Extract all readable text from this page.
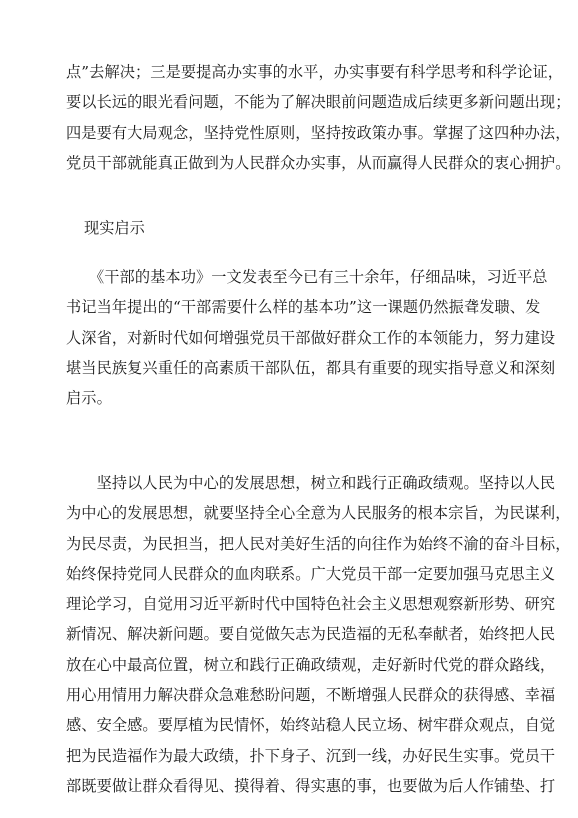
点”去解决；三是要提高办实事的水平，办实事要有科学思考和科学论证，
要以长远的眼光看问题，不能为了解决眼前问题造成后续更多新问题出现；
四是要有大局观念，坚持党性原则，坚持按政策办事。掌握了这四种办法，
党员干部就能真正做到为人民群众办实事，从而赢得人民群众的衷心拥护。
现实启示
　　《干部的基本功》一文发表至今已有三十余年，仔细品味，习近平总
书记当年提出的“干部需要什么样的基本功”这一课题仍然振聋发聩、发
人深省，对新时代如何增强党员干部做好群众工作的本领能力，努力建设
堪当民族复兴重任的高素质干部队伍，都具有重要的现实指导意义和深刻
启示。
　　坚持以人民为中心的发展思想，树立和践行正确政绩观。坚持以人民
为中心的发展思想，就要坚持全心全意为人民服务的根本宗旨，为民谋利，
为民尽责，为民担当，把人民对美好生活的向往作为始终不渝的奋斗目标，
始终保持党同人民群众的血肉联系。广大党员干部一定要加强马克思主义
理论学习，自觉用习近平新时代中国特色社会主义思想观察新形势、研究
新情况、解决新问题。要自觉做矢志为民造福的无私奉献者，始终把人民
放在心中最高位置，树立和践行正确政绩观，走好新时代党的群众路线，
用心用情用力解决群众急难愁盼问题，不断增强人民群众的获得感、幸福
感、安全感。要厚植为民情怀，始终站稳人民立场、树牢群众观点，自觉
把为民造福作为最大政绩，扑下身子、沉到一线，办好民生实事。党员干
部既要做让群众看得见、摸得着、得实惠的事，也要做为后人作铺垫、打
